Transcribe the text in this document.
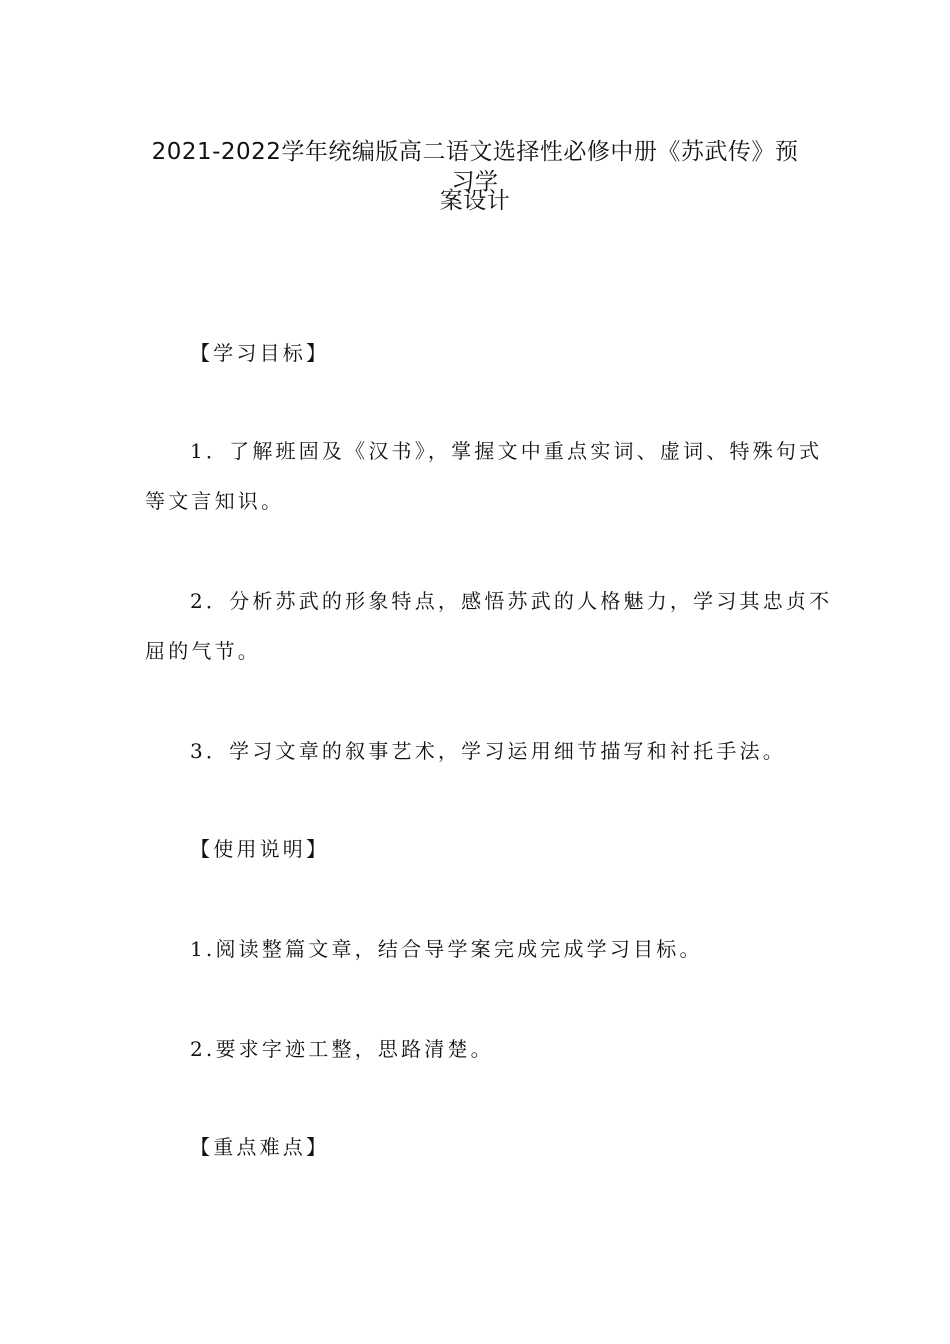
2021-2022学年统编版高二语文选择性必修中册《苏武传》预习学
案设计

【学习目标】

1．了解班固及《汉书》，掌握文中重点实词、虚词、特殊句式

等文言知识。

2．分析苏武的形象特点，感悟苏武的人格魅力，学习其忠贞不

屈的气节。

3．学习文章的叙事艺术，学习运用细节描写和衬托手法。

【使用说明】

1.阅读整篇文章，结合导学案完成完成学习目标。

2.要求字迹工整，思路清楚。

【重点难点】
